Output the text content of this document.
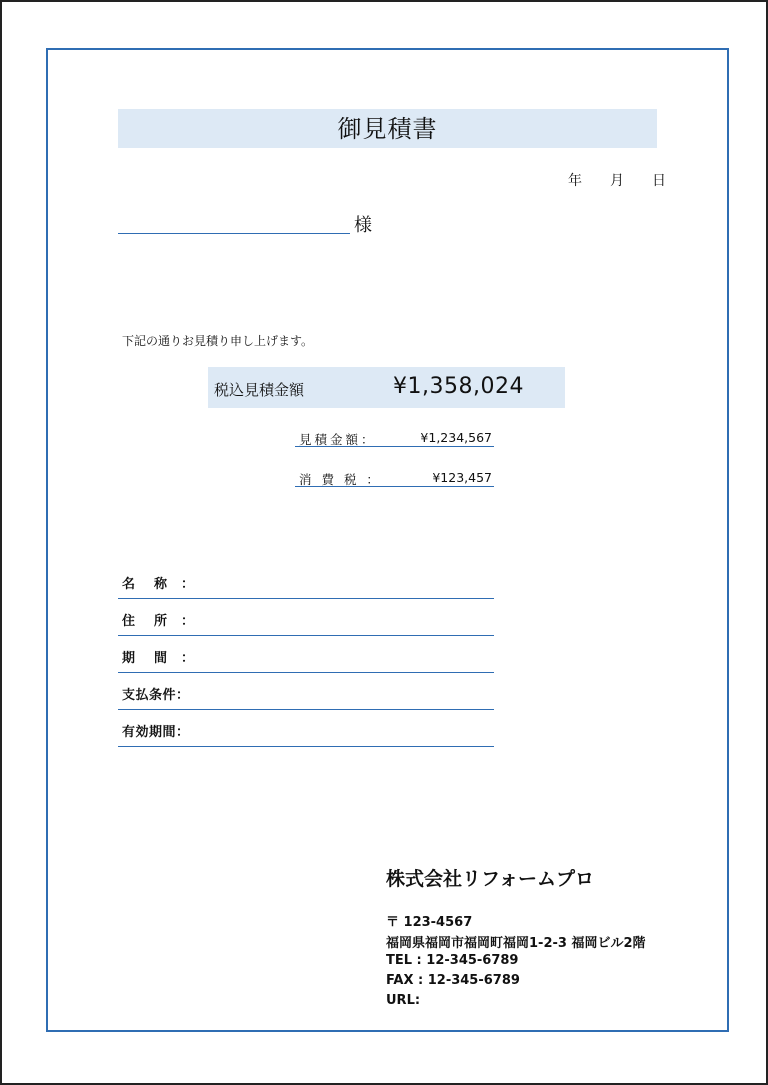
御見積書
年 月 日
様
下記の通りお見積り申し上げます。
税込見積金額	¥1,358,024
見積金額：	¥1,234,567
消 費 税 ：	¥123,457
名　 称　：
住　 所　：
期　 間　：
支払条件：
有効期間：
株式会社リフォームプロ
〒 123-4567
福岡県福岡市福岡町福岡1-2-3 福岡ビル2階
TEL : 12-345-6789
FAX : 12-345-6789
URL:
